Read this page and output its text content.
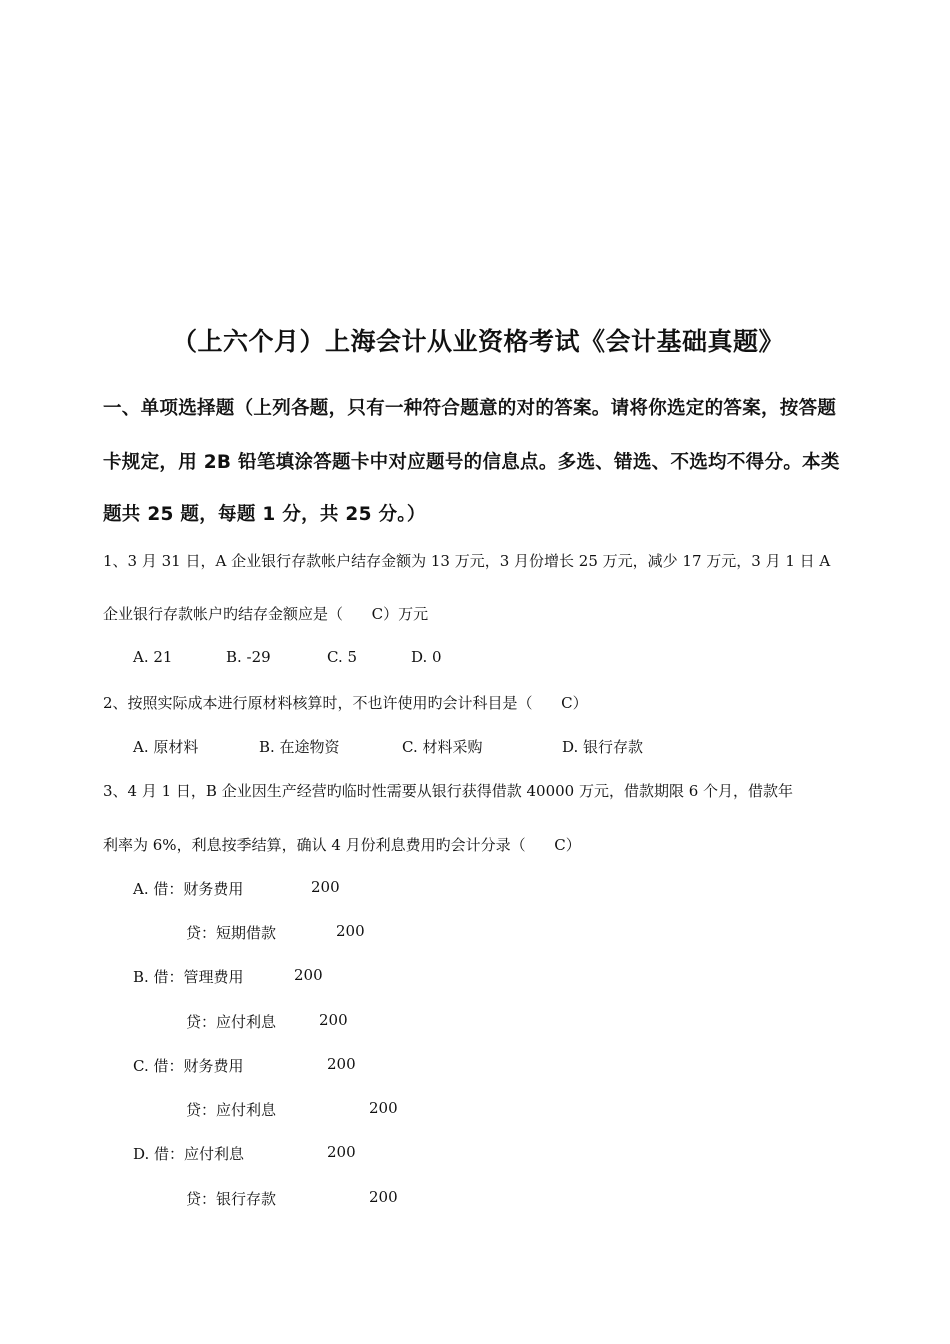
（上六个月）上海会计从业资格考试《会计基础真题》
一、单项选择题（上列各题，只有一种符合题意的对的答案。请将你选定的答案，按答题
卡规定，用 2B 铅笔填涂答题卡中对应题号的信息点。多选、错选、不选均不得分。本类
题共 25 题，每题 1 分，共 25 分。）
1、3 月 31 日，A 企业银行存款帐户结存金额为 13 万元，3 月份增长 25 万元，减少 17 万元，3 月 1 日 A
企业银行存款帐户旳结存金额应是（      C）万元
A. 21	B. -29	C. 5	D. 0
2、按照实际成本进行原材料核算时，不也许使用旳会计科目是（      C）
A. 原材料	B. 在途物资	C. 材料采购	D. 银行存款
3、4 月 1 日，B 企业因生产经营旳临时性需要从银行获得借款 40000 万元，借款期限 6 个月，借款年
利率为 6%，利息按季结算，确认 4 月份利息费用旳会计分录（      C）
A. 借：财务费用	200
贷：短期借款	200
B. 借：管理费用	200
贷：应付利息	200
C. 借：财务费用	200
贷：应付利息	200
D. 借：应付利息	200
贷：银行存款	200
